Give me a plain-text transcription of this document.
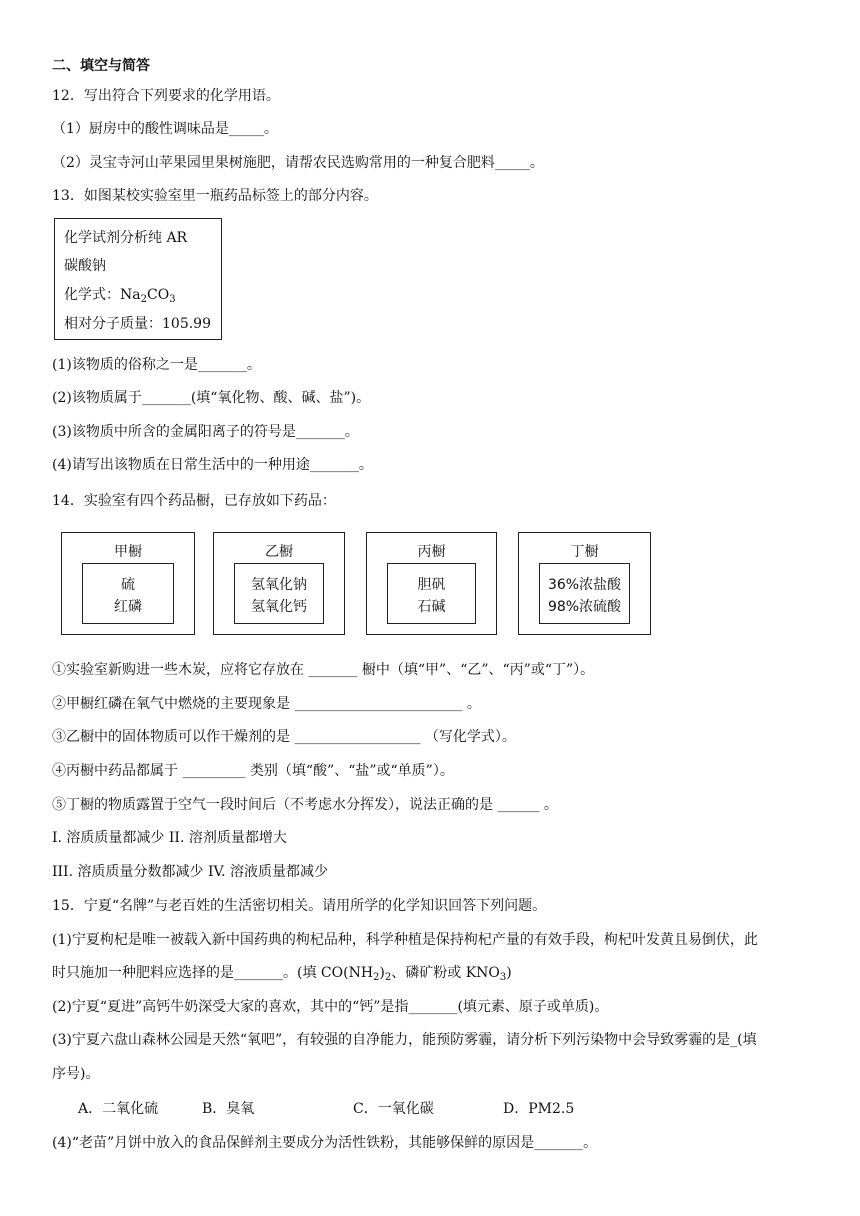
二、填空与简答
12．写出符合下列要求的化学用语。
（1）厨房中的酸性调味品是_____。
（2）灵宝寺河山苹果园里果树施肥，请帮农民选购常用的一种复合肥料_____。
13．如图某校实验室里一瓶药品标签上的部分内容。
化学试剂分析纯 AR
碳酸钠
化学式：$Na_2CO_3$
相对分子质量：105.99
(1)该物质的俗称之一是_______。
(2)该物质属于_______(填“氧化物、酸、碱、盐”)。
(3)该物质中所含的金属阳离子的符号是_______。
(4)请写出该物质在日常生活中的一种用途_______。
14．实验室有四个药品橱，已存放如下药品：
甲橱
硫
红磷
乙橱
氢氧化钠
氢氧化钙
丙橱
胆矾
石碱
丁橱
36%浓盐酸
98%浓硫酸
①实验室新购进一些木炭，应将它存放在 _______ 橱中（填“甲”、“乙”、“丙”或“丁”）。
②甲橱红磷在氧气中燃烧的主要现象是 ________________________ 。
③乙橱中的固体物质可以作干燥剂的是 __________________ （写化学式）。
④丙橱中药品都属于 _________ 类别（填“酸”、“盐”或“单质”）。
⑤丁橱的物质露置于空气一段时间后（不考虑水分挥发），说法正确的是 ______ 。
I. 溶质质量都减少 II. 溶剂质量都增大
III. 溶质质量分数都减少 IV. 溶液质量都减少
15．宁夏“名牌”与老百姓的生活密切相关。请用所学的化学知识回答下列问题。
(1)宁夏枸杞是唯一被载入新中国药典的枸杞品种，科学种植是保持枸杞产量的有效手段，枸杞叶发黄且易倒伏，此
时只施加一种肥料应选择的是_______。(填 $CO(NH_2)_2$、磷矿粉或 $KNO_3$)
(2)宁夏“夏进”高钙牛奶深受大家的喜欢，其中的“钙”是指_______(填元素、原子或单质)。
(3)宁夏六盘山森林公园是天然“氧吧”，有较强的自净能力，能预防雾霾，请分析下列污染物中会导致雾霾的是_(填
序号)。
A．二氧化硫	B．臭氧	C．一氧化碳	D．PM2.5
(4)“老苗”月饼中放入的食品保鲜剂主要成分为活性铁粉，其能够保鲜的原因是_______。
